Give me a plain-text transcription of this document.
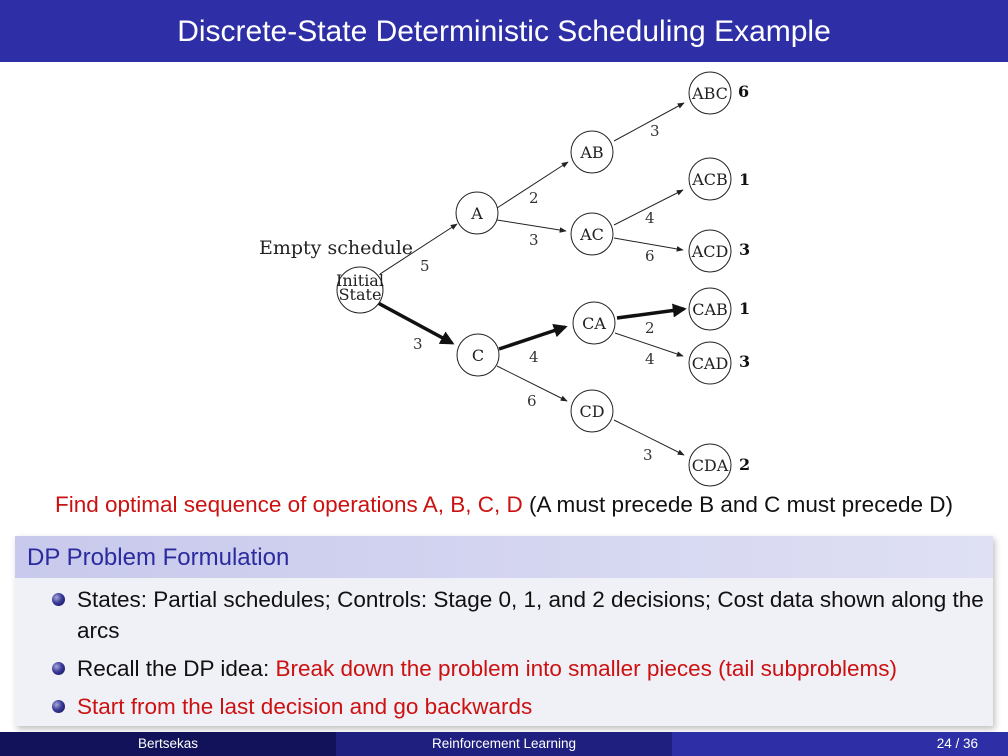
Discrete-State Deterministic Scheduling Example
Empty schedule
Initial
State
A
C
AB
AC
CA
CD
ABC
ACB
ACD
CAB
CAD
CDA
5
3
2
3
4
6
3
4
6
2
4
3
6
1
3
1
3
2
Find optimal sequence of operations A, B, C, D (A must precede B and C must precede D)
DP Problem Formulation
States: Partial schedules; Controls: Stage 0, 1, and 2 decisions; Cost data shown along the arcs
Recall the DP idea: Break down the problem into smaller pieces (tail subproblems)
Start from the last decision and go backwards
Bertsekas	Reinforcement Learning	24 / 36
